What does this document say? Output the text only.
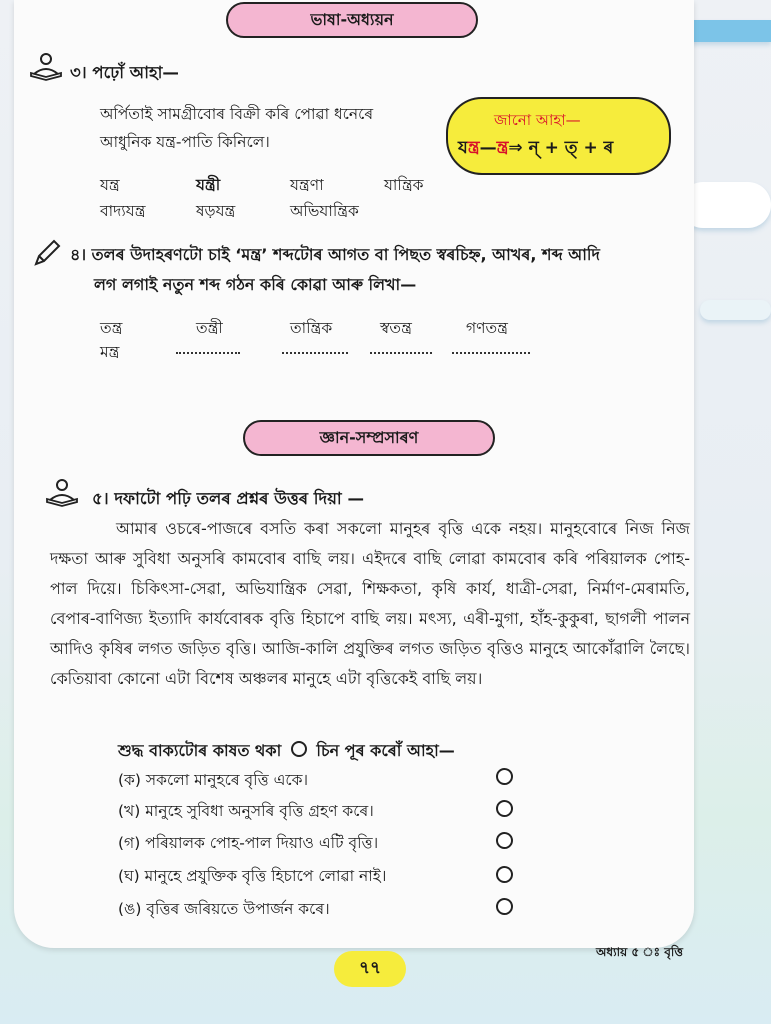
ভাষা-অধ্যয়ন
৩। পঢ়োঁ আহা—
অৰ্পিতাই সামগ্ৰীবোৰ বিক্ৰী কৰি পোৱা ধনেৰে
আধুনিক যন্ত্ৰ-পাতি কিনিলে।
যন্ত্ৰ	যন্ত্ৰী	যন্ত্ৰণা	যান্ত্ৰিক
বাদ্যযন্ত্ৰ	ষড়যন্ত্ৰ	অভিযান্ত্ৰিক
জানো আহা—
যন্ত্ৰ—ন্ত্ৰ⇒ ন্ + ত্ + ৰ
৪। তলৰ উদাহৰণটো চাই ‘মন্ত্ৰ’ শব্দটোৰ আগত বা পিছত স্বৰচিহ্ন, আখৰ, শব্দ আদি
লগ লগাই নতুন শব্দ গঠন কৰি কোৱা আৰু লিখা—
তন্ত্ৰ	তন্ত্ৰী	তান্ত্ৰিক	স্বতন্ত্ৰ	গণতন্ত্ৰ
মন্ত্ৰ
জ্ঞান-সম্প্ৰসাৰণ
৫। দফাটো পঢ়ি তলৰ প্ৰশ্নৰ উত্তৰ দিয়া —

আমাৰ ওচৰে-পাজৰে বসতি কৰা সকলো মানুহৰ বৃত্তি একে নহয়। মানুহবোৰে নিজ নিজ দক্ষতা আৰু সুবিধা অনুসৰি কামবোৰ বাছি লয়। এইদৰে বাছি লোৱা কামবোৰ কৰি পৰিয়ালক পোহ-পাল দিয়ে। চিকিৎসা-সেৱা, অভিযান্ত্ৰিক সেৱা, শিক্ষকতা, কৃষি কাৰ্য, ধাত্ৰী-সেৱা, নিৰ্মাণ-মেৰামতি, বেপাৰ-বাণিজ্য ইত্যাদি কাৰ্যবোৰক বৃত্তি হিচাপে বাছি লয়। মৎস্য, এৰী-মুগা, হাঁহ-কুকুৰা, ছাগলী পালন আদিও কৃষিৰ লগত জড়িত বৃত্তি। আজি-কালি প্ৰযুক্তিৰ লগত জড়িত বৃত্তিও মানুহে আকোঁৱালি লৈছে। কেতিয়াবা কোনো এটা বিশেষ অঞ্চলৰ মানুহে এটা বৃত্তিকেই বাছি লয়।

শুদ্ধ বাক্যটোৰ কাষত থকা চিন পূৰ কৰোঁ আহা—
(ক) সকলো মানুহৰে বৃত্তি একে।
(খ) মানুহে সুবিধা অনুসৰি বৃত্তি গ্ৰহণ কৰে।
(গ) পৰিয়ালক পোহ-পাল দিয়াও এটি বৃত্তি।
(ঘ) মানুহে প্ৰযুক্তিক বৃত্তি হিচাপে লোৱা নাই।
(ঙ) বৃত্তিৰ জৰিয়তে উপাৰ্জন কৰে।
৭৭
অধ্যায় ৫ ঃ বৃত্তি
